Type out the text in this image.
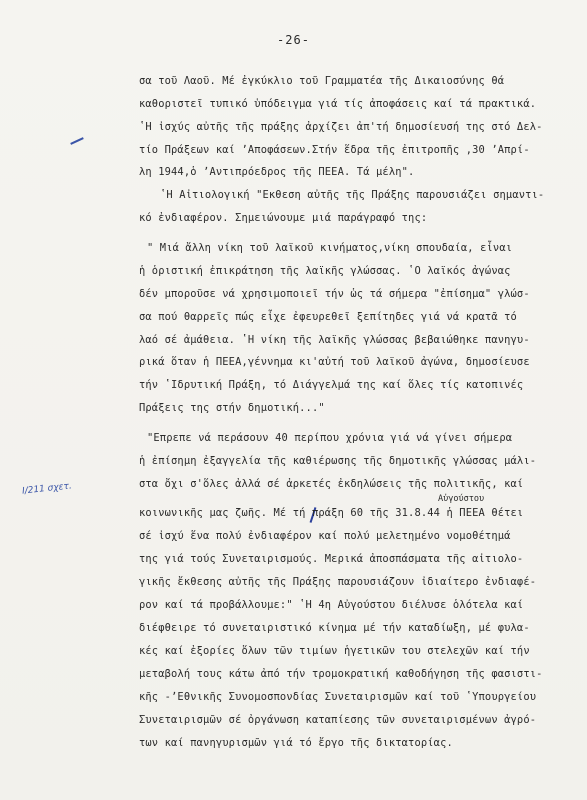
-26-
Ι/211 σχετ.
Αὐγούστου
σα τοῦ Λαοῦ. Μέ ἐγκύκλιο τοῦ Γραμματέα τῆς Δικαιοσύνης θά
καθοριστεῖ τυπικό ὑπόδειγμα γιά τίς ἀποφάσεις καί τά πρακτικά.
ʽΗ ἰσχύς αὐτῆς τῆς πράξης ἀρχίζει ἀπ'τή δημοσίευσή της στό Δελ-
τίο Πράξεων καί ʼΑποφάσεων.Στήν ἕδρα τῆς ἐπιτροπῆς ,30 ʼΑπρί-
λη 1944,ὁ ʼΑντιπρόεδρος τῆς ΠΕΕΑ. Τά μέλη".
ʽΗ Αἰτιολογική "Εκθεση αὐτῆς τῆς Πράξης παρουσιάζει σημαντι-
κό ἐνδιαφέρον. Σημειώνουμε μιά παράγραφό της:
" Μιά ἄλλη νίκη τοῦ λαϊκοῦ κινήματος,νίκη σπουδαία, εἶναι
ἡ ὁριστική ἐπικράτηση τῆς λαϊκῆς γλώσσας. ʽΟ λαϊκός ἀγώνας
δέν μποροῦσε νά χρησιμοποιεῖ τήν ὡς τά σήμερα "ἐπίσημα" γλώσ-
σα πού θαρρεῖς πώς εἶχε ἐφευρεθεῖ ξεπίτηδες γιά νά κρατᾶ τό
λαό σέ ἀμάθεια. ʽΗ νίκη τῆς λαϊκῆς γλώσσας βεβαιώθηκε πανηγυ-
ρικά ὅταν ἡ ΠΕΕΑ,γέννημα κι'αὐτή τοῦ λαϊκοῦ ἀγώνα, δημοσίευσε
τήν ʽΙδρυτική Πράξη, τό Διάγγελμά της καί ὅλες τίς κατοπινές
Πράξεις της στήν δημοτική..."
"Επρεπε νά περάσουν 40 περίπου χρόνια γιά νά γίνει σήμερα
ἡ ἐπίσημη ἐξαγγελία τῆς καθιέρωσης τῆς δημοτικῆς γλώσσας μάλι-
στα ὄχι σ'ὅλες ἀλλά σέ ἀρκετές ἐκδηλώσεις τῆς πολιτικῆς, καί
κοινωνικῆς μας ζωῆς. Μέ τή πράξη 60 τῆς 31.8.44 ἡ ΠΕΕΑ θέτει
σέ ἰσχύ ἕνα πολύ ἐνδιαφέρον καί πολύ μελετημένο νομοθέτημά
της γιά τούς Συνεταιρισμούς. Μερικά ἀποσπάσματα τῆς αἰτιολο-
γικῆς ἔκθεσης αὐτῆς τῆς Πράξης παρουσιάζουν ἰδιαίτερο ἐνδιαφέ-
ρον καί τά προβάλλουμε:" ʽΗ 4η Αὐγούστου διέλυσε ὁλότελα καί
διέφθειρε τό συνεταιριστικό κίνημα μέ τήν καταδίωξη, μέ φυλα-
κές καί ἐξορίες ὅλων τῶν τιμίων ἡγετικῶν του στελεχῶν καί τήν
μεταβολή τους κάτω ἀπό τήν τρομοκρατική καθοδήγηση τῆς φασιστι-
κῆς -ʼΕθνικῆς Συνομοσπονδίας Συνεταιρισμῶν καί τοῦ ʽΥπουργείου
Συνεταιρισμῶν σέ ὀργάνωση καταπίεσης τῶν συνεταιρισμένων ἀγρό-
των καί πανηγυρισμῶν γιά τό ἔργο τῆς δικτατορίας.
